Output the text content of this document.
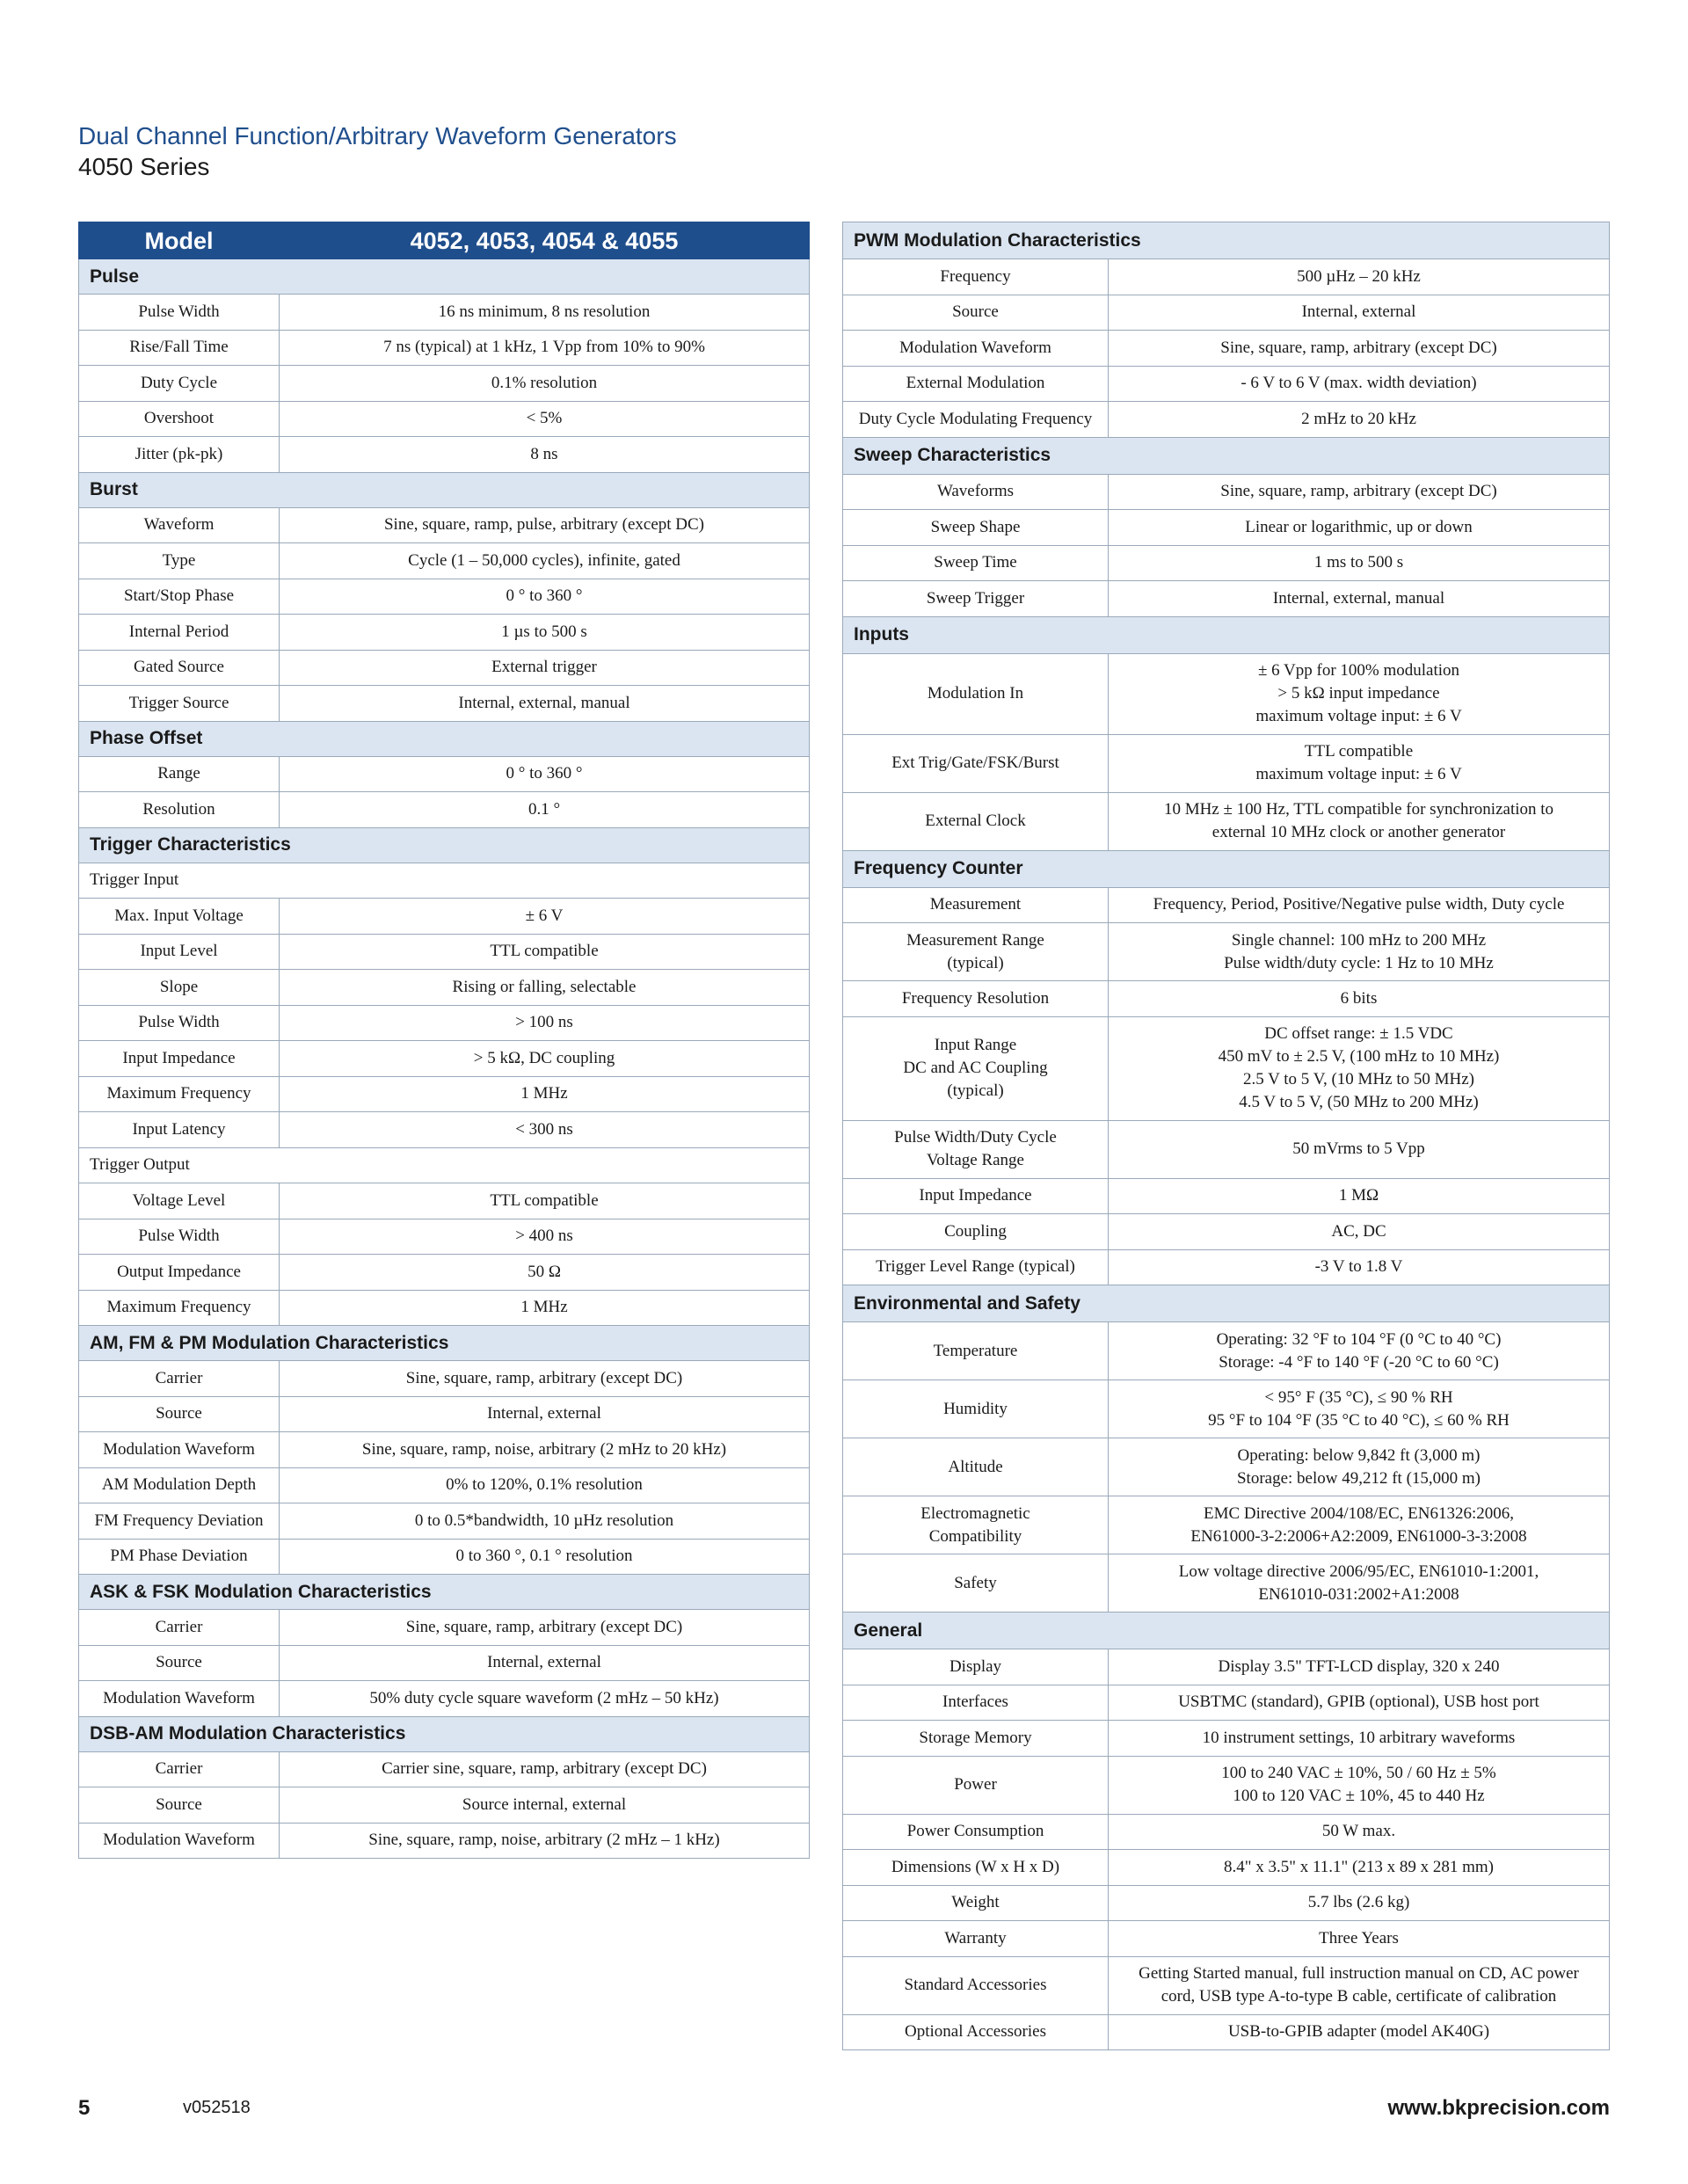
Dual Channel Function/Arbitrary Waveform Generators
4050 Series
Model	4052, 4053, 4054 & 4055
Pulse	
Pulse Width	16 ns minimum, 8 ns resolution
Rise/Fall Time	7 ns (typical) at 1 kHz, 1 Vpp from 10% to 90%
Duty Cycle	0.1% resolution
Overshoot	< 5%
Jitter (pk-pk)	8 ns
Burst	
Waveform	Sine, square, ramp, pulse, arbitrary (except DC)
Type	Cycle (1 – 50,000 cycles), infinite, gated
Start/Stop Phase	0 ° to 360 °
Internal Period	1 µs to 500 s
Gated Source	External trigger
Trigger Source	Internal, external, manual
Phase Offset	
Range	0 ° to 360 °
Resolution	0.1 °
Trigger Characteristics	
Trigger Input	
Max. Input Voltage	± 6 V
Input Level	TTL compatible
Slope	Rising or falling, selectable
Pulse Width	> 100 ns
Input Impedance	> 5 kΩ, DC coupling
Maximum Frequency	1 MHz
Input Latency	< 300 ns
Trigger Output	
Voltage Level	TTL compatible
Pulse Width	> 400 ns
Output Impedance	50 Ω
Maximum Frequency	1 MHz
AM, FM & PM Modulation Characteristics	
Carrier	Sine, square, ramp, arbitrary (except DC)
Source	Internal, external
Modulation Waveform	Sine, square, ramp, noise, arbitrary (2 mHz to 20 kHz)
AM Modulation Depth	0% to 120%, 0.1% resolution
FM Frequency Deviation	0 to 0.5*bandwidth, 10 µHz resolution
PM Phase Deviation	0 to 360 °, 0.1 ° resolution
ASK & FSK Modulation Characteristics	
Carrier	Sine, square, ramp, arbitrary (except DC)
Source	Internal, external
Modulation Waveform	50% duty cycle square waveform (2 mHz – 50 kHz)
DSB-AM Modulation Characteristics	
Carrier	Carrier sine, square, ramp, arbitrary (except DC)
Source	Source internal, external
Modulation Waveform	Sine, square, ramp, noise, arbitrary (2 mHz – 1 kHz)
PWM Modulation Characteristics	
Frequency	500 µHz – 20 kHz
Source	Internal, external
Modulation Waveform	Sine, square, ramp, arbitrary (except DC)
External Modulation	- 6 V to 6 V (max. width deviation)
Duty Cycle Modulating Frequency	2 mHz to 20 kHz
Sweep Characteristics	
Waveforms	Sine, square, ramp, arbitrary (except DC)
Sweep Shape	Linear or logarithmic, up or down
Sweep Time	1 ms to 500 s
Sweep Trigger	Internal, external, manual
Inputs	
Modulation In	± 6 Vpp for 100% modulation
> 5 kΩ input impedance
maximum voltage input: ± 6 V
Ext Trig/Gate/FSK/Burst	TTL compatible
maximum voltage input: ± 6 V
External Clock	10 MHz ± 100 Hz, TTL compatible for synchronization to
external 10 MHz clock or another generator
Frequency Counter	
Measurement	Frequency, Period, Positive/Negative pulse width, Duty cycle
Measurement Range
(typical)	Single channel: 100 mHz to 200 MHz
Pulse width/duty cycle: 1 Hz to 10 MHz
Frequency Resolution	6 bits
Input Range
DC and AC Coupling
(typical)	DC offset range: ± 1.5 VDC
450 mV to ± 2.5 V, (100 mHz to 10 MHz)
2.5 V to 5 V, (10 MHz to 50 MHz)
4.5 V to 5 V, (50 MHz to 200 MHz)
Pulse Width/Duty Cycle
Voltage Range	50 mVrms to 5 Vpp
Input Impedance	1 MΩ
Coupling	AC, DC
Trigger Level Range (typical)	-3 V to 1.8 V
Environmental and Safety	
Temperature	Operating: 32 °F to 104 °F (0 °C to 40 °C)
Storage: -4 °F to 140 °F (-20 °C to 60 °C)
Humidity	< 95° F (35 °C), ≤ 90 % RH
95 °F to 104 °F (35 °C to 40 °C), ≤ 60 % RH
Altitude	Operating: below 9,842 ft (3,000 m)
Storage: below 49,212 ft (15,000 m)
Electromagnetic
Compatibility	EMC Directive 2004/108/EC, EN61326:2006,
EN61000-3-2:2006+A2:2009, EN61000-3-3:2008
Safety	Low voltage directive 2006/95/EC, EN61010-1:2001,
EN61010-031:2002+A1:2008
General	
Display	Display 3.5" TFT-LCD display, 320 x 240
Interfaces	USBTMC (standard), GPIB (optional), USB host port
Storage Memory	10 instrument settings, 10 arbitrary waveforms
Power	100 to 240 VAC ± 10%, 50 / 60 Hz ± 5%
100 to 120 VAC ± 10%, 45 to 440 Hz
Power Consumption	50 W max.
Dimensions (W x H x D)	8.4" x 3.5" x 11.1" (213 x 89 x 281 mm)
Weight	5.7 lbs (2.6 kg)
Warranty	Three Years
Standard Accessories	Getting Started manual, full instruction manual on CD, AC power
cord, USB type A-to-type B cable, certificate of calibration
Optional Accessories	USB-to-GPIB adapter (model AK40G)
5	v052518	www.bkprecision.com
